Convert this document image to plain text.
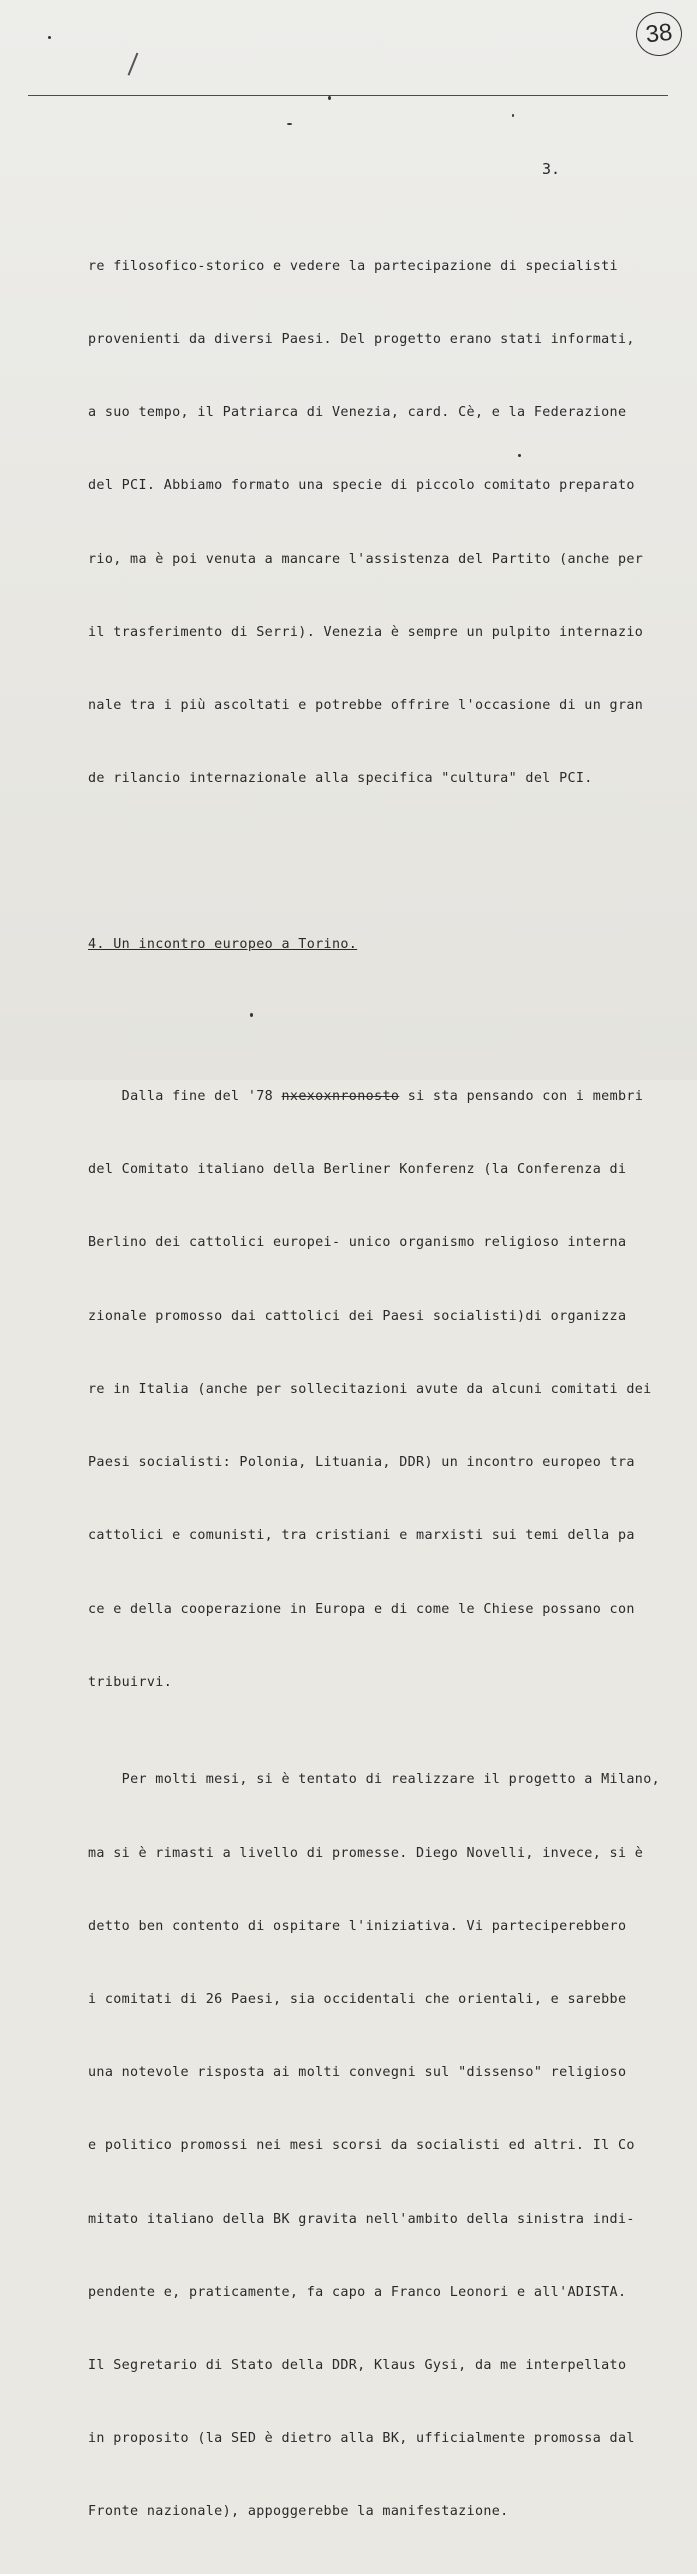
38
3.

re filosofico-storico e vedere la partecipazione di specialisti

provenienti da diversi Paesi. Del progetto erano stati informati,

a suo tempo, il Patriarca di Venezia, card. Cè, e la Federazione

del PCI. Abbiamo formato una specie di piccolo comitato preparato

rio, ma è poi venuta a mancare l'assistenza del Partito (anche per

il trasferimento di Serri). Venezia è sempre un pulpito internazio

nale tra i più ascoltati e potrebbe offrire l'occasione di un gran

de rilancio internazionale alla specifica "cultura" del PCI.

4. Un incontro europeo a Torino.

Dalla fine del '78 nxexoxnronosto si sta pensando con i membri

del Comitato italiano della Berliner Konferenz (la Conferenza di

Berlino dei cattolici europei- unico organismo religioso interna

zionale promosso dai cattolici dei Paesi socialisti)di organizza

re in Italia (anche per sollecitazioni avute da alcuni comitati dei

Paesi socialisti: Polonia, Lituania, DDR) un incontro europeo tra

cattolici e comunisti, tra cristiani e marxisti sui temi della pa

ce e della cooperazione in Europa e di come le Chiese possano con

tribuirvi.

Per molti mesi, si è tentato di realizzare il progetto a Milano,

ma si è rimasti a livello di promesse. Diego Novelli, invece, si è

detto ben contento di ospitare l'iniziativa. Vi parteciperebbero

i comitati di 26 Paesi, sia occidentali che orientali, e sarebbe

una notevole risposta ai molti convegni sul "dissenso" religioso

e politico promossi nei mesi scorsi da socialisti ed altri. Il Co

mitato italiano della BK gravita nell'ambito della sinistra indi-

pendente e, praticamente, fa capo a Franco Leonori e all'ADISTA.

Il Segretario di Stato della DDR, Klaus Gysi, da me interpellato

in proposito (la SED è dietro alla BK, ufficialmente promossa dal

Fronte nazionale), appoggerebbe la manifestazione.
